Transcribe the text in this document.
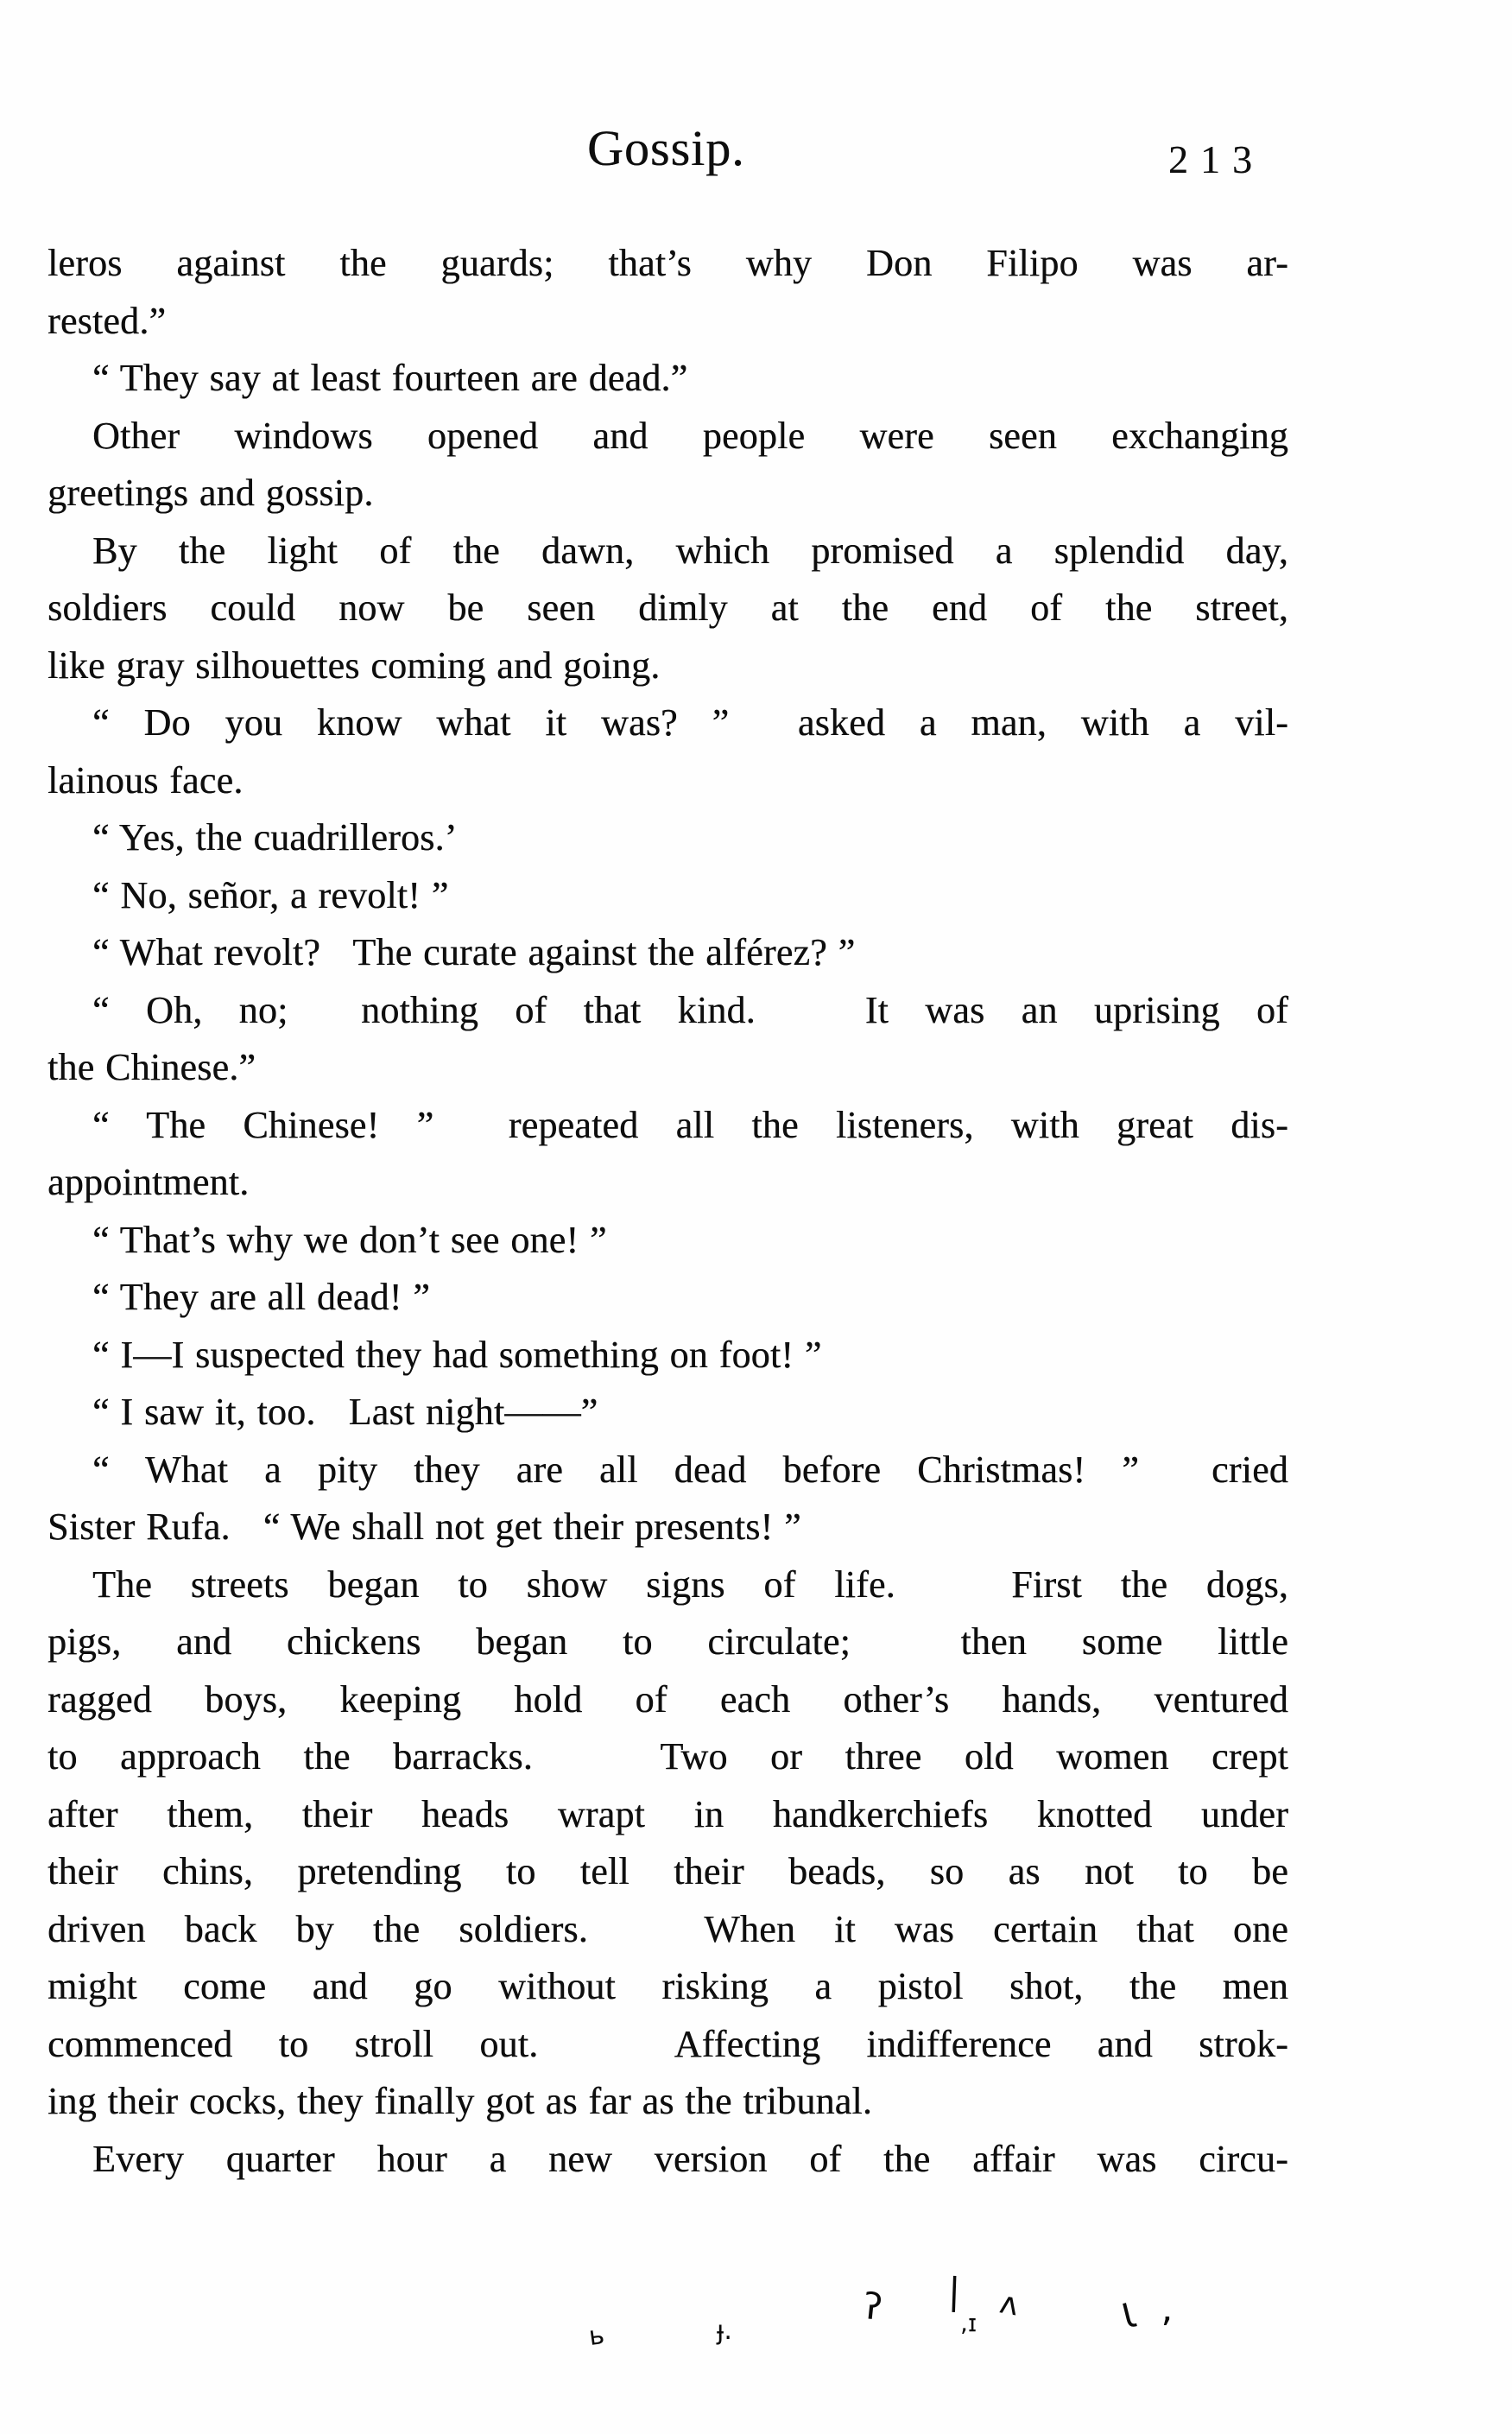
Gossip.	213
leros against the guards; that’s why Don Filipo was ar-
rested.”
“ They say at least fourteen are dead.”
Other windows opened and people were seen exchanging
greetings and gossip.
By the light of the dawn, which promised a splendid day,
soldiers could now be seen dimly at the end of the street,
like gray silhouettes coming and going.
“ Do you know what it was? ”  asked a man, with a vil-
lainous face.
“ Yes, the cuadrilleros.’
“ No, señor, a revolt! ”
“ What revolt?   The curate against the alférez? ”
“ Oh, no;  nothing of that kind.   It was an uprising of
the Chinese.”
“ The Chinese! ”  repeated all the listeners, with great dis-
appointment.
“ That’s why we don’t see one! ”
“ They are all dead! ”
“ I—I suspected they had something on foot! ”
“ I saw it, too.   Last night——”
“ What a pity they are all dead before Christmas! ”  cried
Sister Rufa.   “ We shall not get their presents! ”
The streets began to show signs of life.   First the dogs,
pigs, and chickens began to circulate;  then some little
ragged boys, keeping hold of each other’s hands, ventured
to approach the barracks.   Two or three old women crept
after them, their heads wrapt in handkerchiefs knotted under
their chins, pretending to tell their beads, so as not to be
driven back by the soldiers.   When it was certain that one
might come and go without risking a pistol shot, the men
commenced to stroll out.   Affecting indifference and strok-
ing their cocks, they finally got as far as the tribunal.
Every quarter hour a new version of the affair was circu-
ь	ɟ.
ʔ |
,ɪ ʌ	Ɩ ʼ
